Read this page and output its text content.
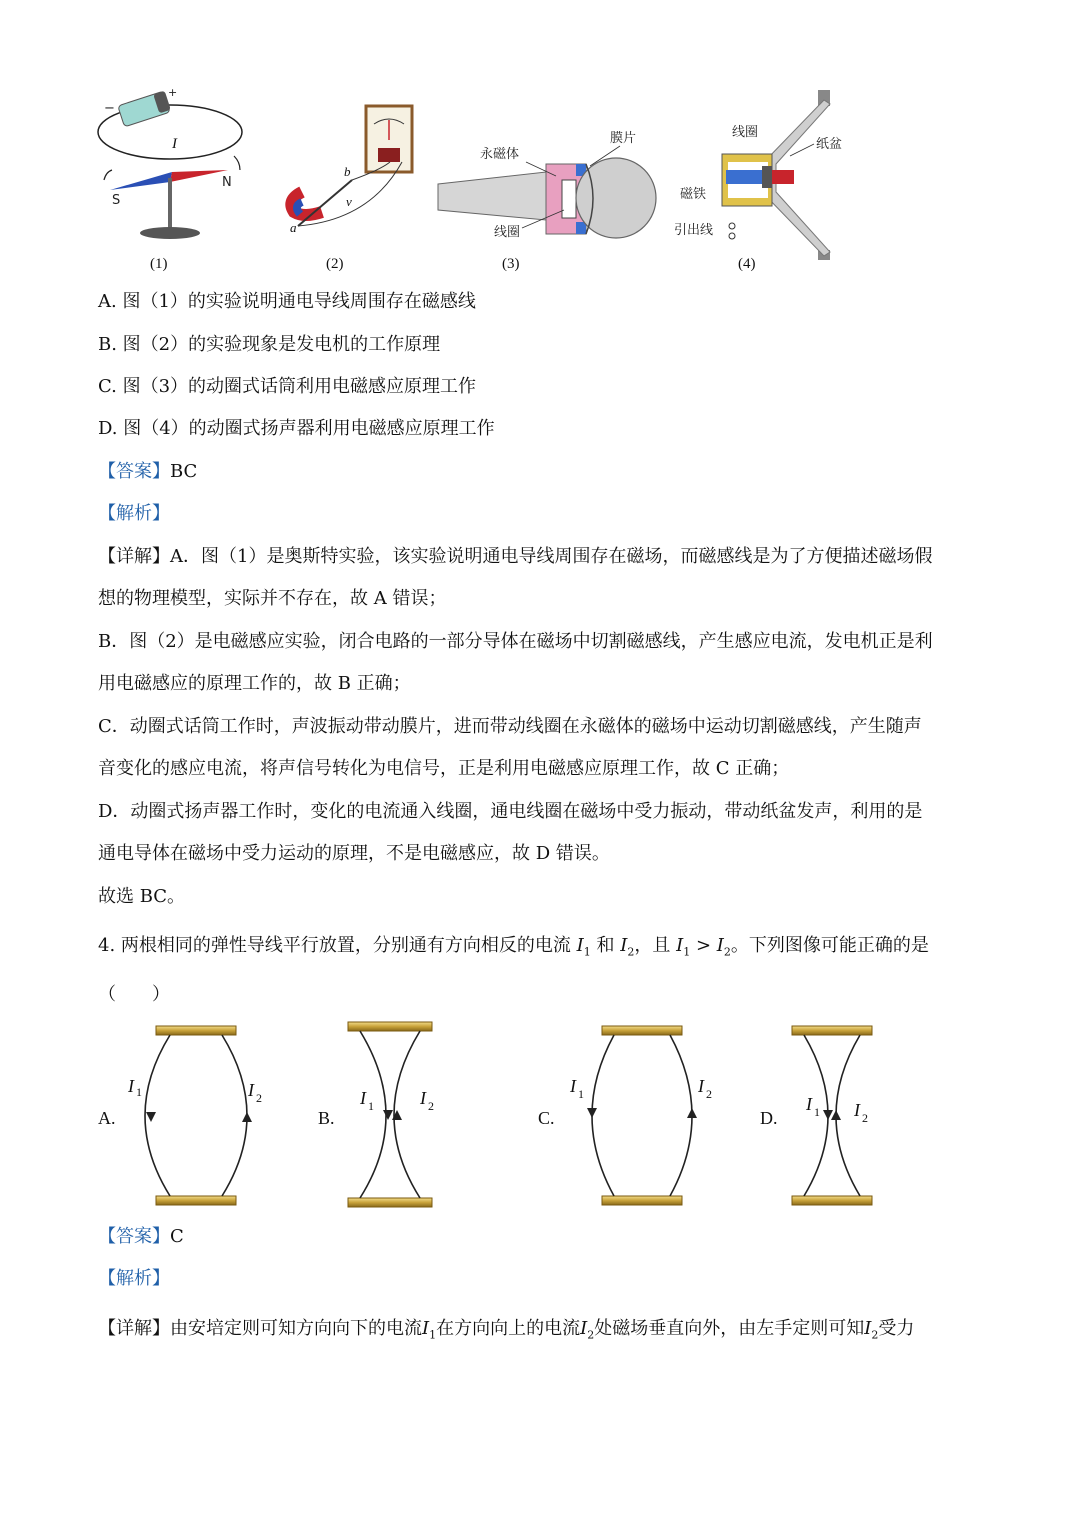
−
+
I
S
N
a
b
v
永磁体
膜片
线圈
线圈
纸盆
磁铁
引出线
(1)	(2)	(3)	(4)
A. 图（1）的实验说明通电导线周围存在磁感线
B. 图（2）的实验现象是发电机的工作原理
C. 图（3）的动圈式话筒利用电磁感应原理工作
D. 图（4）的动圈式扬声器利用电磁感应原理工作
【答案】BC
【解析】
【详解】A．图（1）是奥斯特实验，该实验说明通电导线周围存在磁场，而磁感线是为了方便描述磁场假
想的物理模型，实际并不存在，故 A 错误；
B．图（2）是电磁感应实验，闭合电路的一部分导体在磁场中切割磁感线，产生感应电流，发电机正是利
用电磁感应的原理工作的，故 B 正确；
C．动圈式话筒工作时，声波振动带动膜片，进而带动线圈在永磁体的磁场中运动切割磁感线，产生随声
音变化的感应电流，将声信号转化为电信号，正是利用电磁感应原理工作，故 C 正确；
D．动圈式扬声器工作时，变化的电流通入线圈，通电线圈在磁场中受力振动，带动纸盆发声，利用的是
通电导体在磁场中受力运动的原理，不是电磁感应，故 D 错误。
故选 BC。
4. 两根相同的弹性导线平行放置，分别通有方向相反的电流 $I_1$ 和 $I_2$，且 $I_1 > I_2$。下列图像可能正确的是
（　　）
A.
I 1	I 2
B.
I 1	I 2
C.
I 1	I 2
D.
I 1 I 2
【答案】C
【解析】
【详解】由安培定则可知方向向下的电流$I_1$在方向向上的电流$I_2$处磁场垂直向外，由左手定则可知$I_2$受力
